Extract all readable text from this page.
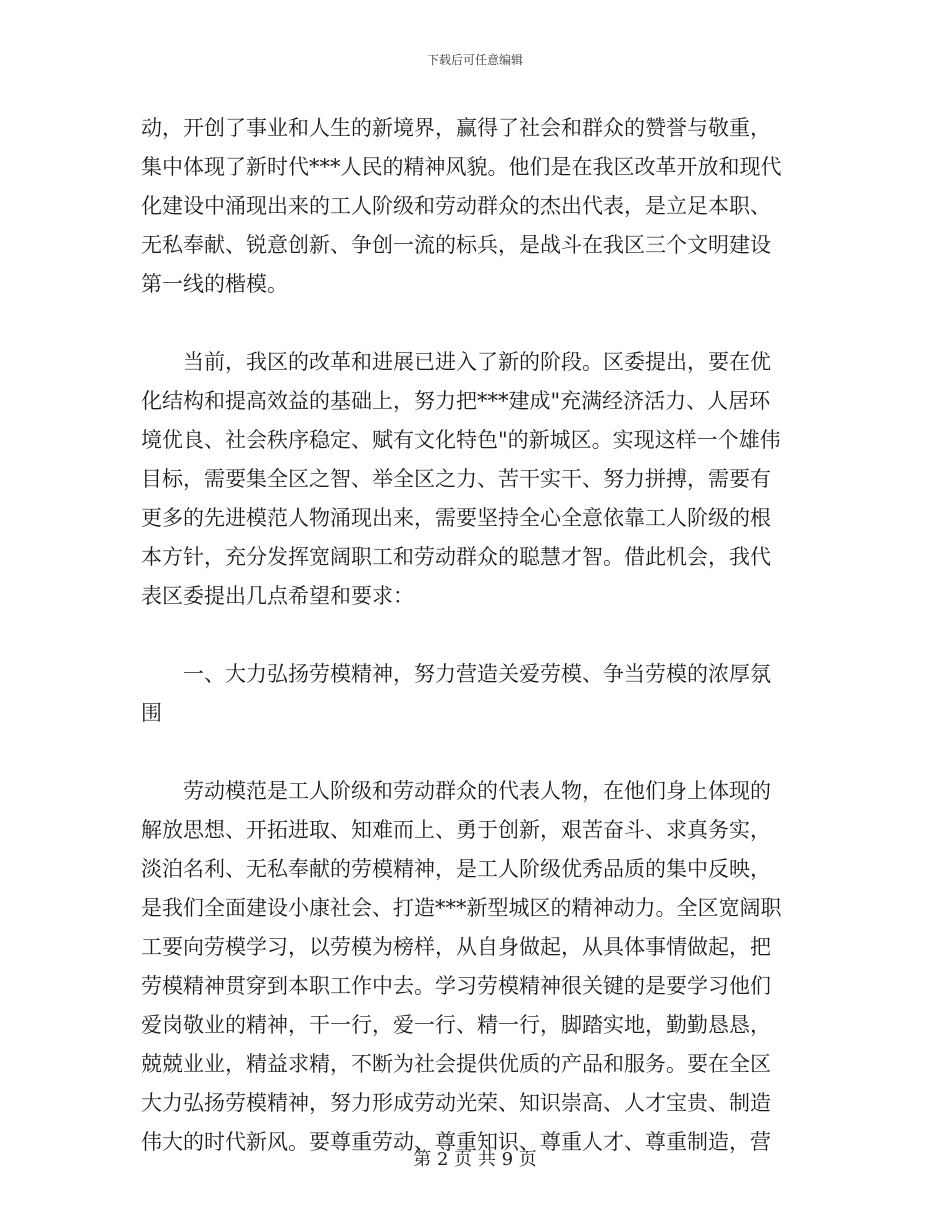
下载后可任意编辑

动，开创了事业和人生的新境界，赢得了社会和群众的赞誉与敬重，
集中体现了新时代***人民的精神风貌。他们是在我区改革开放和现代
化建设中涌现出来的工人阶级和劳动群众的杰出代表，是立足本职、
无私奉献、锐意创新、争创一流的标兵，是战斗在我区三个文明建设
第一线的楷模。

　　当前，我区的改革和进展已进入了新的阶段。区委提出，要在优
化结构和提高效益的基础上，努力把***建成"充满经济活力、人居环
境优良、社会秩序稳定、赋有文化特色"的新城区。实现这样一个雄伟
目标，需要集全区之智、举全区之力、苦干实干、努力拼搏，需要有
更多的先进模范人物涌现出来，需要坚持全心全意依靠工人阶级的根
本方针，充分发挥宽阔职工和劳动群众的聪慧才智。借此机会，我代
表区委提出几点希望和要求：

　　一、大力弘扬劳模精神，努力营造关爱劳模、争当劳模的浓厚氛
围

　　劳动模范是工人阶级和劳动群众的代表人物，在他们身上体现的
解放思想、开拓进取、知难而上、勇于创新，艰苦奋斗、求真务实，
淡泊名利、无私奉献的劳模精神，是工人阶级优秀品质的集中反映，
是我们全面建设小康社会、打造***新型城区的精神动力。全区宽阔职
工要向劳模学习，以劳模为榜样，从自身做起，从具体事情做起，把
劳模精神贯穿到本职工作中去。学习劳模精神很关键的是要学习他们
爱岗敬业的精神，干一行，爱一行、精一行，脚踏实地，勤勤恳恳，
兢兢业业，精益求精，不断为社会提供优质的产品和服务。要在全区
大力弘扬劳模精神，努力形成劳动光荣、知识崇高、人才宝贵、制造
伟大的时代新风。要尊重劳动、尊重知识、尊重人才、尊重制造，营

第 2 页 共 9 页
